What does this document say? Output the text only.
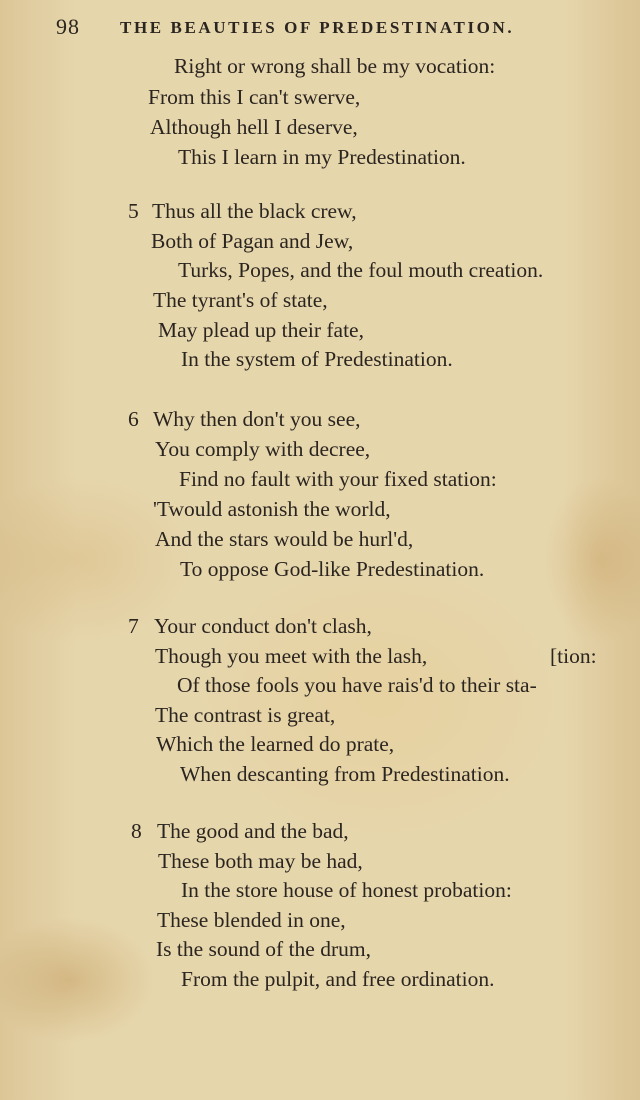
98 THE BEAUTIES OF PREDESTINATION.
Right or wrong shall be my vocation:
From this I can't swerve,
Although hell I deserve,
This I learn in my Predestination.
5 Thus all the black crew,
Both of Pagan and Jew,
Turks, Popes, and the foul mouth creation.
The tyrant's of state,
May plead up their fate,
In the system of Predestination.
6 Why then don't you see,
You comply with decree,
Find no fault with your fixed station:
'Twould astonish the world,
And the stars would be hurl'd,
To oppose God-like Predestination.
7 Your conduct don't clash,
Though you meet with the lash,	[tion:
Of those fools you have rais'd to their sta-
The contrast is great,
Which the learned do prate,
When descanting from Predestination.
8 The good and the bad,
These both may be had,
In the store house of honest probation:
These blended in one,
Is the sound of the drum,
From the pulpit, and free ordination.
